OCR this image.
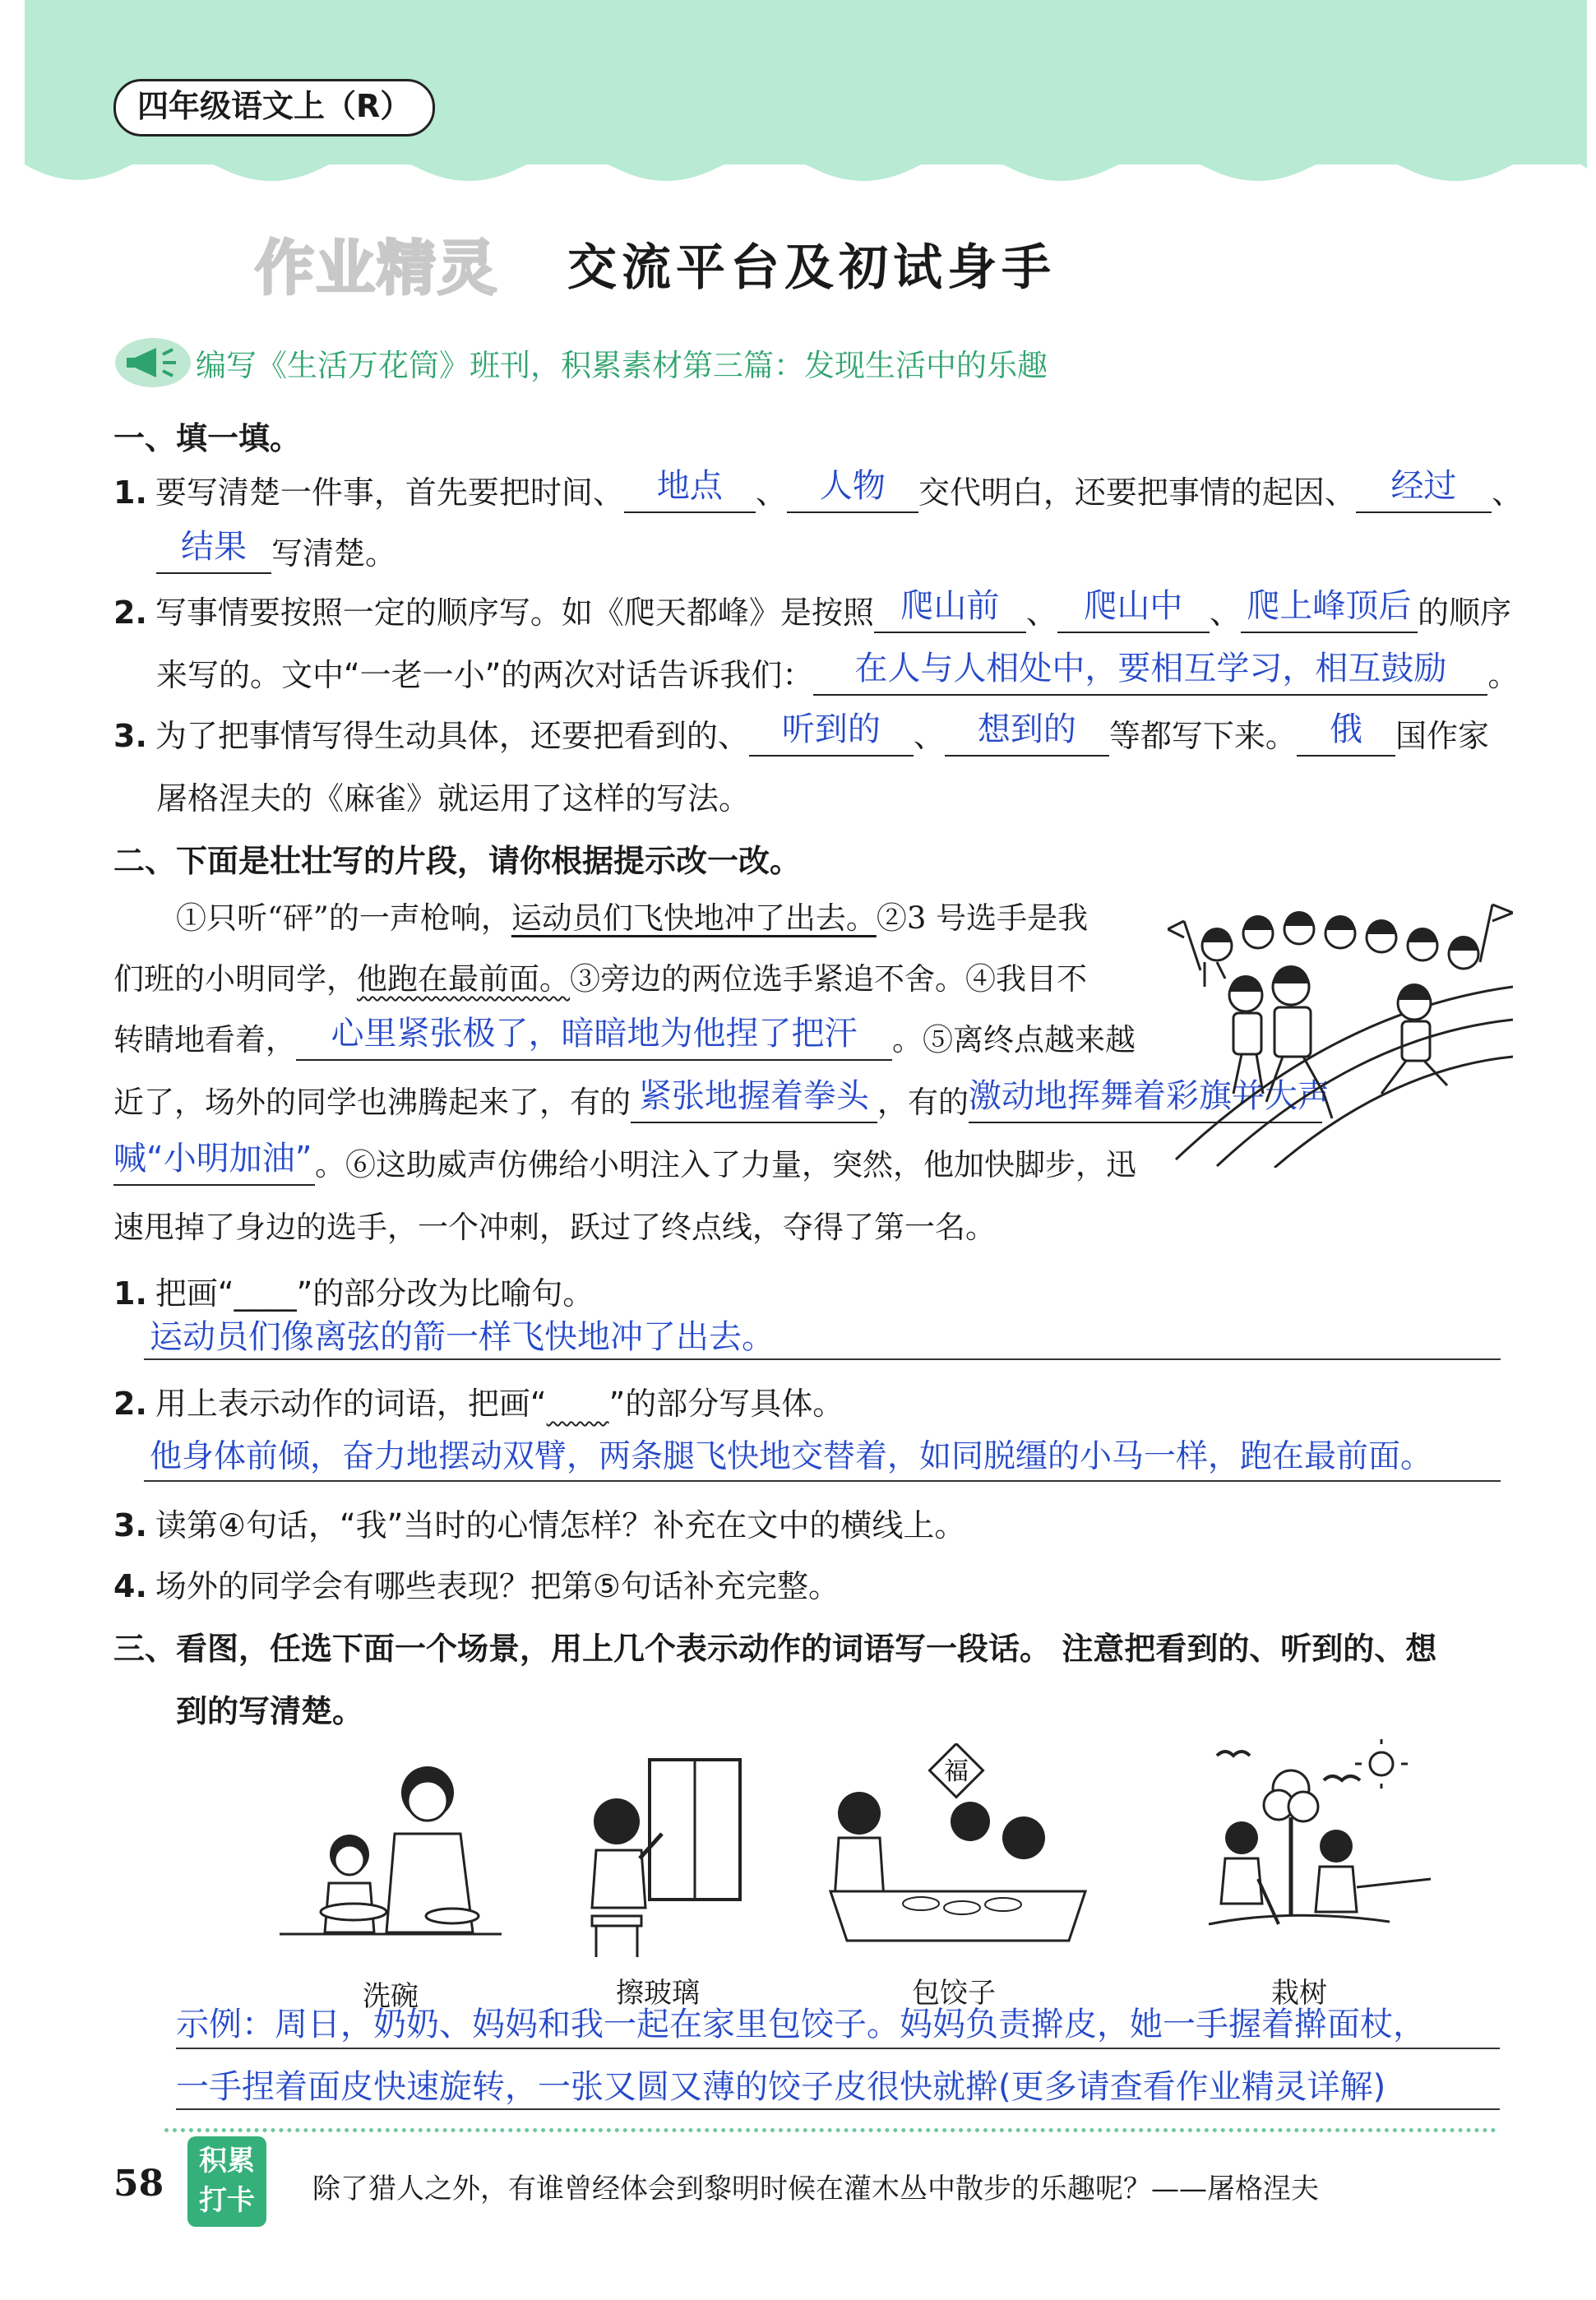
四年级语文上（R）
作业精灵 交流平台及初试身手
编写《生活万花筒》班刊，积累素材第三篇：发现生活中的乐趣
一、填一填。
1. 要写清楚一件事，首先要把时间、	地点	、	人物	交代明白，还要把事情的起因、	经过	、
结果 写清楚。
2. 写事情要按照一定的顺序写。如《爬天都峰》是按照 爬山前 、 爬山中 、 爬上峰顶后 的顺序
来写的。文中“一老一小”的两次对话告诉我们：	在人与人相处中，要相互学习，相互鼓励	。
3. 为了把事情写得生动具体，还要把看到的、	听到的	、	想到的	等都写下来。	俄	国作家
屠格涅夫的《麻雀》就运用了这样的写法。
二、下面是壮壮写的片段，请你根据提示改一改。
①只听“砰”的一声枪响，运动员们飞快地冲了出去。②3 号选手是我
们班的小明同学，他跑在最前面。③旁边的两位选手紧追不舍。④我目不
转睛地看着，	心里紧张极了，暗暗地为他捏了把汗	。⑤离终点越来越
近了，场外的同学也沸腾起来了，有的 紧张地握着拳头 ，有的 激动地挥舞着彩旗并大声
喊“小明加油” 。⑥这助威声仿佛给小明注入了力量，突然，他加快脚步，迅
速甩掉了身边的选手，一个冲刺，跃过了终点线，夺得了第一名。
1. 把画“____”的部分改为比喻句。
运动员们像离弦的箭一样飞快地冲了出去。
2. 用上表示动作的词语，把画“ ”的部分写具体。
他身体前倾，奋力地摆动双臂，两条腿飞快地交替着，如同脱缰的小马一样，跑在最前面。
3. 读第④句话，“我”当时的心情怎样？补充在文中的横线上。
4. 场外的同学会有哪些表现？把第⑤句话补充完整。
三、看图，任选下面一个场景，用上几个表示动作的词语写一段话。 注意把看到的、听到的、想
到的写清楚。
福
洗碗	擦玻璃	包饺子	栽树
示例：周日，奶奶、妈妈和我一起在家里包饺子。妈妈负责擀皮，她一手握着擀面杖，
一手捏着面皮快速旋转，一张又圆又薄的饺子皮很快就擀(更多请查看作业精灵详解)
58
积累
打卡	除了猎人之外，有谁曾经体会到黎明时候在灌木丛中散步的乐趣呢？——屠格涅夫
